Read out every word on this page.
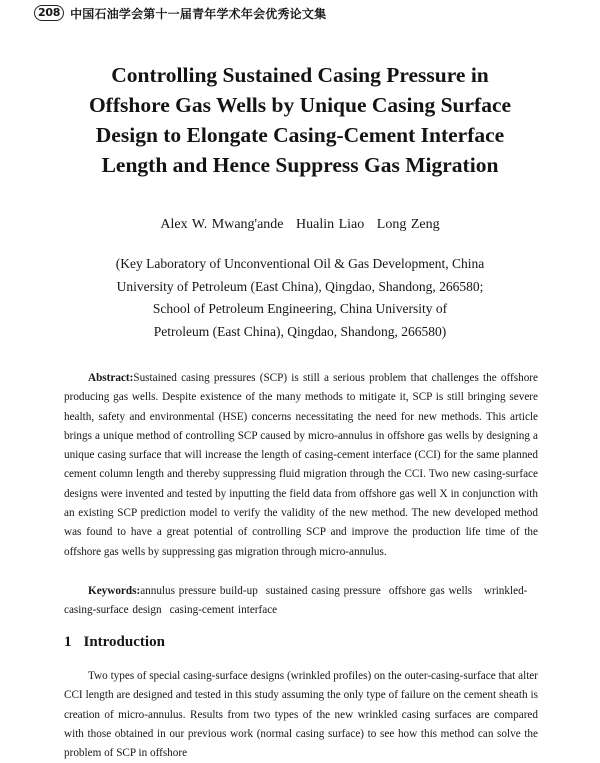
208 中国石油学会第十一届青年学术年会优秀论文集
Controlling Sustained Casing Pressure in
Offshore Gas Wells by Unique Casing Surface
Design to Elongate Casing-Cement Interface
Length and Hence Suppress Gas Migration
Alex W. Mwang'ande Hualin Liao Long Zeng
(Key Laboratory of Unconventional Oil & Gas Development, China
University of Petroleum (East China), Qingdao, Shandong, 266580;
School of Petroleum Engineering, China University of
Petroleum (East China), Qingdao, Shandong, 266580)

Abstract:Sustained casing pressures (SCP) is still a serious problem that challenges the offshore producing gas wells. Despite existence of the many methods to mitigate it, SCP is still bringing severe health, safety and environmental (HSE) concerns necessitating the need for new methods. This article brings a unique method of controlling SCP caused by micro-annulus in offshore gas wells by designing a unique casing surface that will increase the length of casing-cement interface (CCI) for the same planned cement column length and thereby suppressing fluid migration through the CCI. Two new casing-surface designs were invented and tested by inputting the field data from offshore gas well X in conjunction with an existing SCP prediction model to verify the validity of the new method. The new developed method was found to have a great potential of controlling SCP and improve the production life time of the offshore gas wells by suppressing gas migration through micro-annulus.

Keywords:annulus pressure build-up sustained casing pressure offshore gas wells wrinkled-casing-surface design casing-cement interface

1 Introduction

Two types of special casing-surface designs (wrinkled profiles) on the outer-casing-surface that alter CCI length are designed and tested in this study assuming the only type of failure on the cement sheath is creation of micro-annulus. Results from two types of the new wrinkled casing surfaces are compared with those obtained in our previous work (normal casing surface) to see how this method can solve the problem of SCP in offshore
